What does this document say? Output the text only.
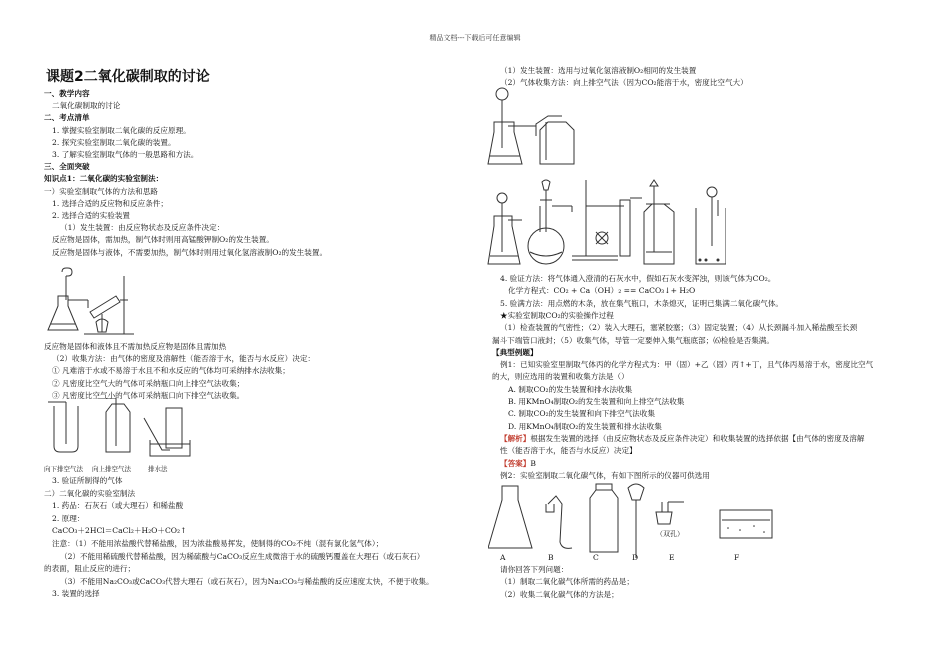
精品文档---下载后可任意编辑
课题2二氧化碳制取的讨论
一、教学内容
二氧化碳制取的讨论
二、考点清单
1. 掌握实验室制取二氧化碳的反应原理。
2. 探究实验室制取二氧化碳的装置。
3. 了解实验室制取气体的一般思路和方法。
三、全面突破
知识点1：二氧化碳的实验室制法：
一）实验室制取气体的方法和思路
1. 选择合适的反应物和反应条件；
2. 选择合适的实验装置
（1）发生装置：由反应物状态及反应条件决定：
反应物是固体，需加热，制气体时则用高锰酸钾制O₂的发生装置。
反应物是固体与液体，不需要加热，制气体时则用过氧化氢溶液制O₂的发生装置。
反应物是固体和液体且不需加热反应物是固体且需加热
（2）收集方法：由气体的密度及溶解性（能否溶于水，能否与水反应）决定：
① 凡难溶于水或不易溶于水且不和水反应的气体均可采纳排水法收集；
② 凡密度比空气大的气体可采纳瓶口向上排空气法收集；
③ 凡密度比空气小的气体可采纳瓶口向下排空气法收集。
向下排空气法 向上排空气法	排水法
3. 验证所制得的气体
二）二氧化碳的实验室制法
1. 药品：石灰石（或大理石）和稀盐酸
2. 原理：
CaCO₃＋2HCl＝CaCl₂＋H₂O＋CO₂↑
注意：（1）不能用浓盐酸代替稀盐酸，因为浓盐酸易挥发，使制得的CO₂不纯（混有氯化氢气体）；
（2）不能用稀硫酸代替稀盐酸，因为稀硫酸与CaCO₃反应生成微溶于水的硫酸钙覆盖在大理石（或石灰石）
的表面，阻止反应的进行；
（3）不能用Na₂CO₃或CaCO₃代替大理石（或石灰石），因为Na₂CO₃与稀盐酸的反应速度太快，不便于收集。
3. 装置的选择
（1）发生装置：选用与过氧化氢溶液制O₂相同的发生装置
（2）气体收集方法：向上排空气法（因为CO₂能溶于水，密度比空气大）
4. 验证方法：将气体通入澄清的石灰水中，假如石灰水变浑浊，则该气体为CO₂。
化学方程式：CO₂ + Ca（OH）₂ == CaCO₃↓+ H₂O
5. 验满方法：用点燃的木条，放在集气瓶口，木条熄灭，证明已集满二氧化碳气体。
★实验室制取CO₂的实验操作过程
（1）检查装置的气密性；（2）装入大理石，塞紧胶塞；（3）固定装置；（4）从长颈漏斗加入稀盐酸至长颈
漏斗下端管口液封；（5）收集气体，导管一定要伸入集气瓶底部；⑹检验是否集满。
【典型例题】
例1：已知实验室里制取气体丙的化学方程式为：甲（固）+乙（固）丙↑+丁，且气体丙易溶于水，密度比空气
的大，则应选用的装置和收集方法是（）
A. 制取CO₂的发生装置和排水法收集
B. 用KMnO₄制取O₂的发生装置和向上排空气法收集
C. 制取CO₂的发生装置和向下排空气法收集
D. 用KMnO₄制取O₂的发生装置和排水法收集
【解析】根据发生装置的选择（由反应物状态及反应条件决定）和收集装置的选择依据【由气体的密度及溶解
性（能否溶于水，能否与水反应）决定】
【答案】B
例2：实验室制取二氧化碳气体，有如下图所示的仪器可供选用
（双孔）
A	B	C	D	E	F
请你回答下列问题：
（1）制取二氧化碳气体所需的药品是；
（2）收集二氧化碳气体的方法是；
